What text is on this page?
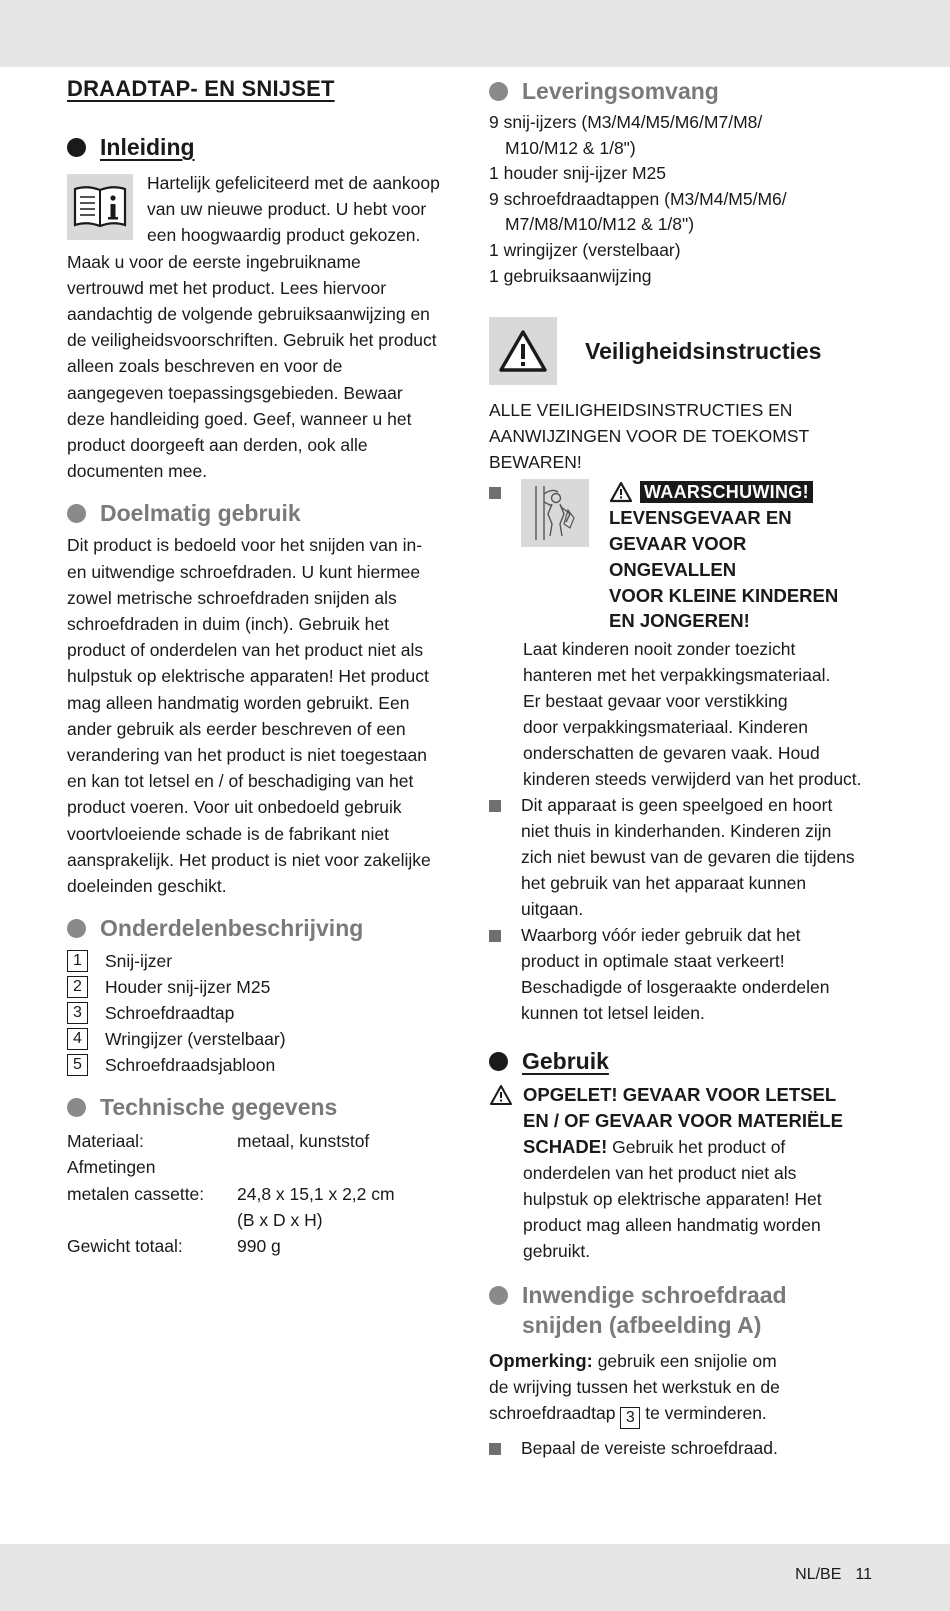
DRAADTAP- EN SNIJSET
Inleiding
Hartelijk gefeliciteerd met de aankoop
van uw nieuwe product. U hebt voor
een hoogwaardig product gekozen.
Maak u voor de eerste ingebruikname
vertrouwd met het product. Lees hiervoor
aandachtig de volgende gebruiksaanwijzing en
de veiligheidsvoorschriften. Gebruik het product
alleen zoals beschreven en voor de
aangegeven toepassingsgebieden. Bewaar
deze handleiding goed. Geef, wanneer u het
product doorgeeft aan derden, ook alle
documenten mee.
Doelmatig gebruik
Dit product is bedoeld voor het snijden van in-
en uitwendige schroefdraden. U kunt hiermee
zowel metrische schroefdraden snijden als
schroefdraden in duim (inch). Gebruik het
product of onderdelen van het product niet als
hulpstuk op elektrische apparaten! Het product
mag alleen handmatig worden gebruikt. Een
ander gebruik als eerder beschreven of een
verandering van het product is niet toegestaan
en kan tot letsel en / of beschadiging van het
product voeren. Voor uit onbedoeld gebruik
voortvloeiende schade is de fabrikant niet
aansprakelijk. Het product is niet voor zakelijke
doeleinden geschikt.
Onderdelenbeschrijving
1	Snij-ijzer
2	Houder snij-ijzer M25
3	Schroefdraadtap
4	Wringijzer (verstelbaar)
5	Schroefdraadsjabloon
Technische gegevens
Materiaal:	metaal, kunststof
Afmetingen
metalen cassette:	24,8 x 15,1 x 2,2 cm
(B x D x H)
Gewicht totaal:	990 g
Leveringsomvang
9 snij-ijzers (M3/M4/M5/M6/M7/M8/
M10/M12 & 1/8")
1 houder snij-ijzer M25
9 schroefdraadtappen (M3/M4/M5/M6/
M7/M8/M10/M12 & 1/8")
1 wringijzer (verstelbaar)
1 gebruiksaanwijzing
Veiligheidsinstructies
ALLE VEILIGHEIDSINSTRUCTIES EN
AANWIJZINGEN VOOR DE TOEKOMST
BEWAREN!
WAARSCHUWING!
LEVENSGEVAAR EN
GEVAAR VOOR
ONGEVALLEN
VOOR KLEINE KINDEREN
EN JONGEREN!
Laat kinderen nooit zonder toezicht
hanteren met het verpakkingsmateriaal.
Er bestaat gevaar voor verstikking
door verpakkingsmateriaal. Kinderen
onderschatten de gevaren vaak. Houd
kinderen steeds verwijderd van het product.
Dit apparaat is geen speelgoed en hoort
niet thuis in kinderhanden. Kinderen zijn
zich niet bewust van de gevaren die tijdens
het gebruik van het apparaat kunnen
uitgaan.
Waarborg vóór ieder gebruik dat het
product in optimale staat verkeert!
Beschadigde of losgeraakte onderdelen
kunnen tot letsel leiden.
Gebruik
OPGELET! GEVAAR VOOR LETSEL
EN / OF GEVAAR VOOR MATERIËLE
SCHADE! Gebruik het product of
onderdelen van het product niet als
hulpstuk op elektrische apparaten! Het
product mag alleen handmatig worden
gebruikt.
Inwendige schroefdraad
snijden (afbeelding A)
Opmerking: gebruik een snijolie om
de wrijving tussen het werkstuk en de
schroefdraadtap 3 te verminderen.
Bepaal de vereiste schroefdraad.
NL/BE 11
